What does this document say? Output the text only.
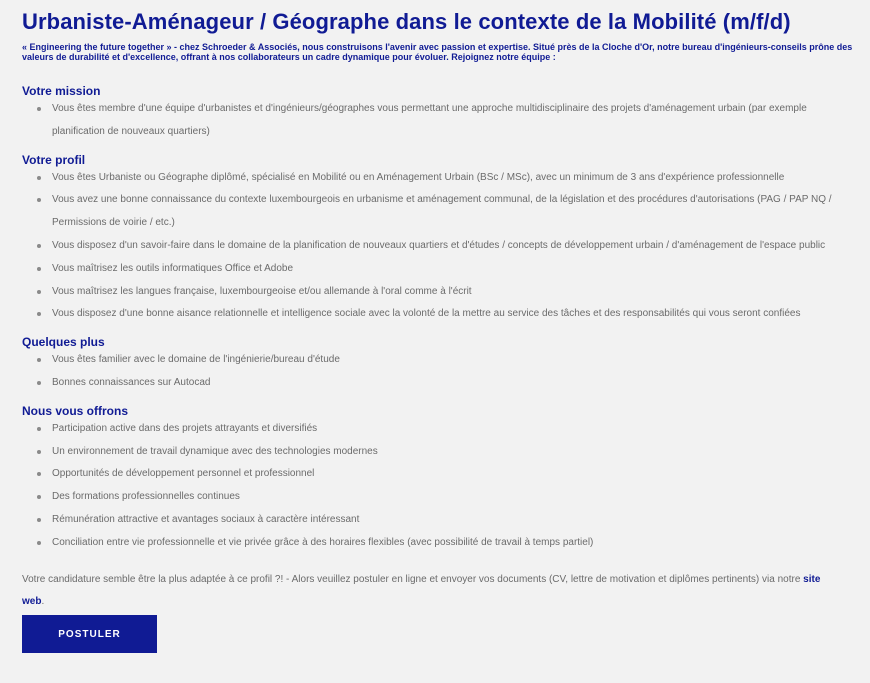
Urbaniste-Aménageur / Géographe dans le contexte de la Mobilité (m/f/d)

« Engineering the future together » - chez Schroeder & Associés, nous construisons l'avenir avec passion et expertise. Situé près de la Cloche d'Or, notre bureau d'ingénieurs-conseils prône des valeurs de durabilité et d'excellence, offrant à nos collaborateurs un cadre dynamique pour évoluer. Rejoignez notre équipe :

Votre mission
Vous êtes membre d'une équipe d'urbanistes et d'ingénieurs/géographes vous permettant une approche multidisciplinaire des projets d'aménagement urbain (par exemple planification de nouveaux quartiers)
Votre profil
Vous êtes Urbaniste ou Géographe diplômé, spécialisé en Mobilité ou en Aménagement Urbain (BSc / MSc), avec un minimum de 3 ans d'expérience professionnelle
Vous avez une bonne connaissance du contexte luxembourgeois en urbanisme et aménagement communal, de la législation et des procédures d'autorisations (PAG / PAP NQ / Permissions de voirie / etc.)
Vous disposez d'un savoir-faire dans le domaine de la planification de nouveaux quartiers et d'études / concepts de développement urbain / d'aménagement de l'espace public
Vous maîtrisez les outils informatiques Office et Adobe
Vous maîtrisez les langues française, luxembourgeoise et/ou allemande à l'oral comme à l'écrit
Vous disposez d'une bonne aisance relationnelle et intelligence sociale avec la volonté de la mettre au service des tâches et des responsabilités qui vous seront confiées
Quelques plus
Vous êtes familier avec le domaine de l'ingénierie/bureau d'étude
Bonnes connaissances sur Autocad
Nous vous offrons
Participation active dans des projets attrayants et diversifiés
Un environnement de travail dynamique avec des technologies modernes
Opportunités de développement personnel et professionnel
Des formations professionnelles continues
Rémunération attractive et avantages sociaux à caractère intéressant
Conciliation entre vie professionnelle et vie privée grâce à des horaires flexibles (avec possibilité de travail à temps partiel)
Votre candidature semble être la plus adaptée à ce profil ?! - Alors veuillez postuler en ligne et envoyer vos documents (CV, lettre de motivation et diplômes pertinents) via notre site web.
POSTULER
